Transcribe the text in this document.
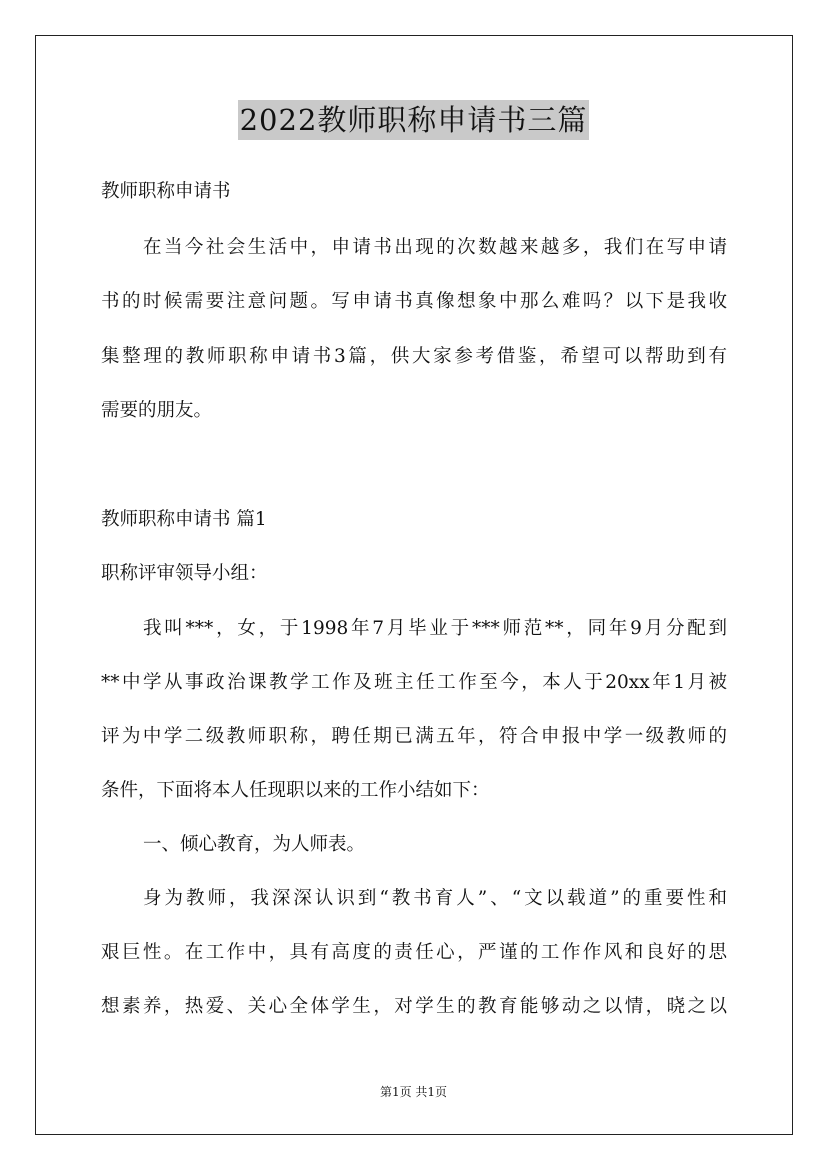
2022教师职称申请书三篇
教师职称申请书
在当今社会生活中，申请书出现的次数越来越多，我们在写申请
书的时候需要注意问题。写申请书真像想象中那么难吗？以下是我收
集整理的教师职称申请书3篇，供大家参考借鉴，希望可以帮助到有
需要的朋友。
教师职称申请书 篇1
职称评审领导小组：
我叫***，女，于1998年7月毕业于***师范**，同年9月分配到
**中学从事政治课教学工作及班主任工作至今，本人于20xx年1月被
评为中学二级教师职称，聘任期已满五年，符合申报中学一级教师的
条件，下面将本人任现职以来的工作小结如下：
一、倾心教育，为人师表。
身为教师，我深深认识到“教书育人”、“文以载道”的重要性和
艰巨性。在工作中，具有高度的责任心，严谨的工作作风和良好的思
想素养，热爱、关心全体学生，对学生的教育能够动之以情，晓之以
第1页 共1页
